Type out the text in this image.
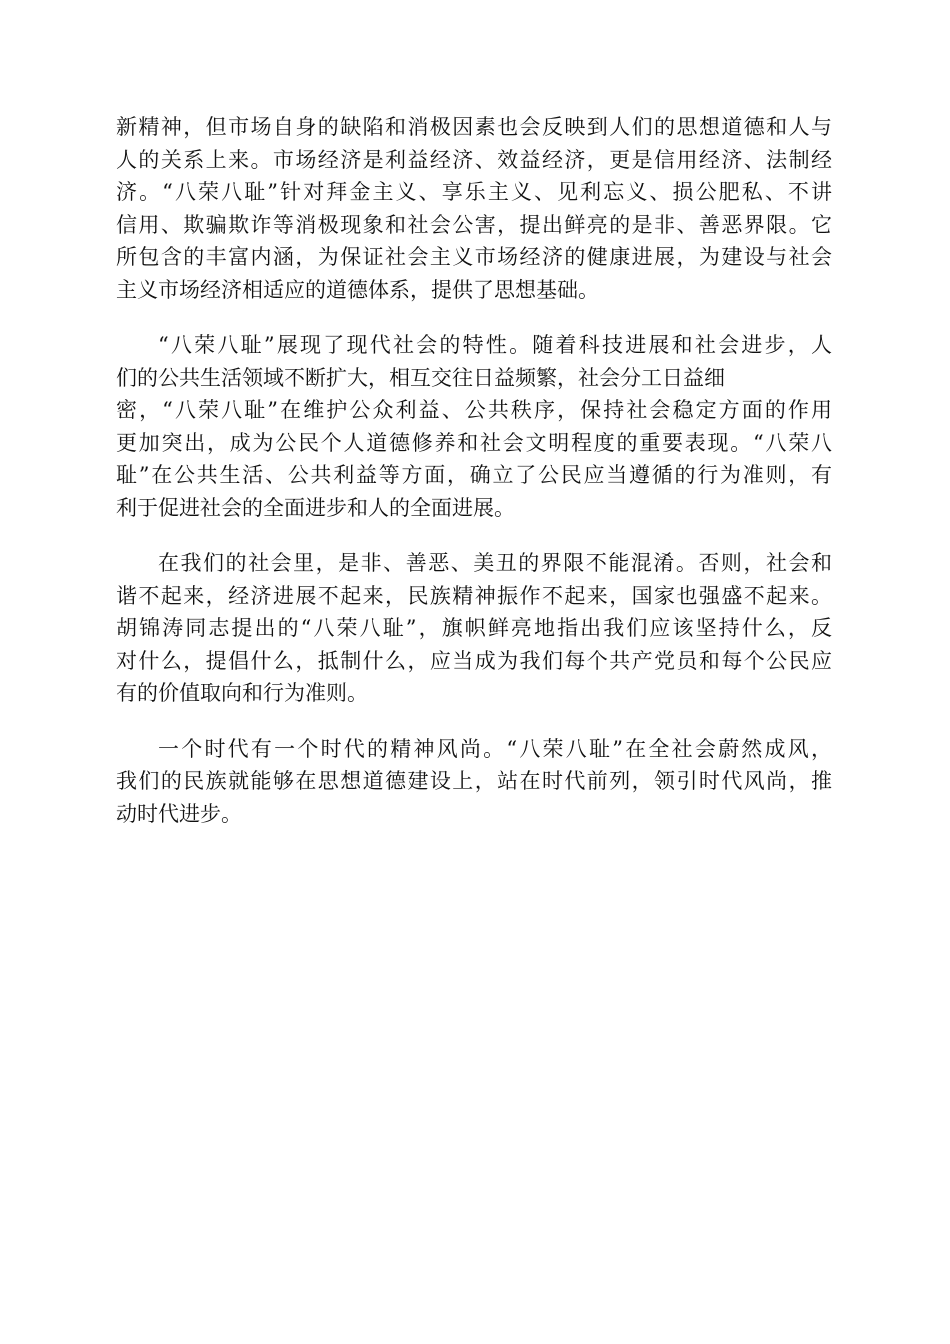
新精神，但市场自身的缺陷和消极因素也会反映到人们的思想道德和人与
人的关系上来。市场经济是利益经济、效益经济，更是信用经济、法制经
济。“八荣八耻”针对拜金主义、享乐主义、见利忘义、损公肥私、不讲
信用、欺骗欺诈等消极现象和社会公害，提出鲜亮的是非、善恶界限。它
所包含的丰富内涵，为保证社会主义市场经济的健康进展，为建设与社会
主义市场经济相适应的道德体系，提供了思想基础。
“八荣八耻”展现了现代社会的特性。随着科技进展和社会进步，人
们的公共生活领域不断扩大，相互交往日益频繁，社会分工日益细
密，“八荣八耻”在维护公众利益、公共秩序，保持社会稳定方面的作用
更加突出，成为公民个人道德修养和社会文明程度的重要表现。“八荣八
耻”在公共生活、公共利益等方面，确立了公民应当遵循的行为准则，有
利于促进社会的全面进步和人的全面进展。
在我们的社会里，是非、善恶、美丑的界限不能混淆。否则，社会和
谐不起来，经济进展不起来，民族精神振作不起来，国家也强盛不起来。
胡锦涛同志提出的“八荣八耻”，旗帜鲜亮地指出我们应该坚持什么，反
对什么，提倡什么，抵制什么，应当成为我们每个共产党员和每个公民应
有的价值取向和行为准则。
一个时代有一个时代的精神风尚。“八荣八耻”在全社会蔚然成风，
我们的民族就能够在思想道德建设上，站在时代前列，领引时代风尚，推
动时代进步。
